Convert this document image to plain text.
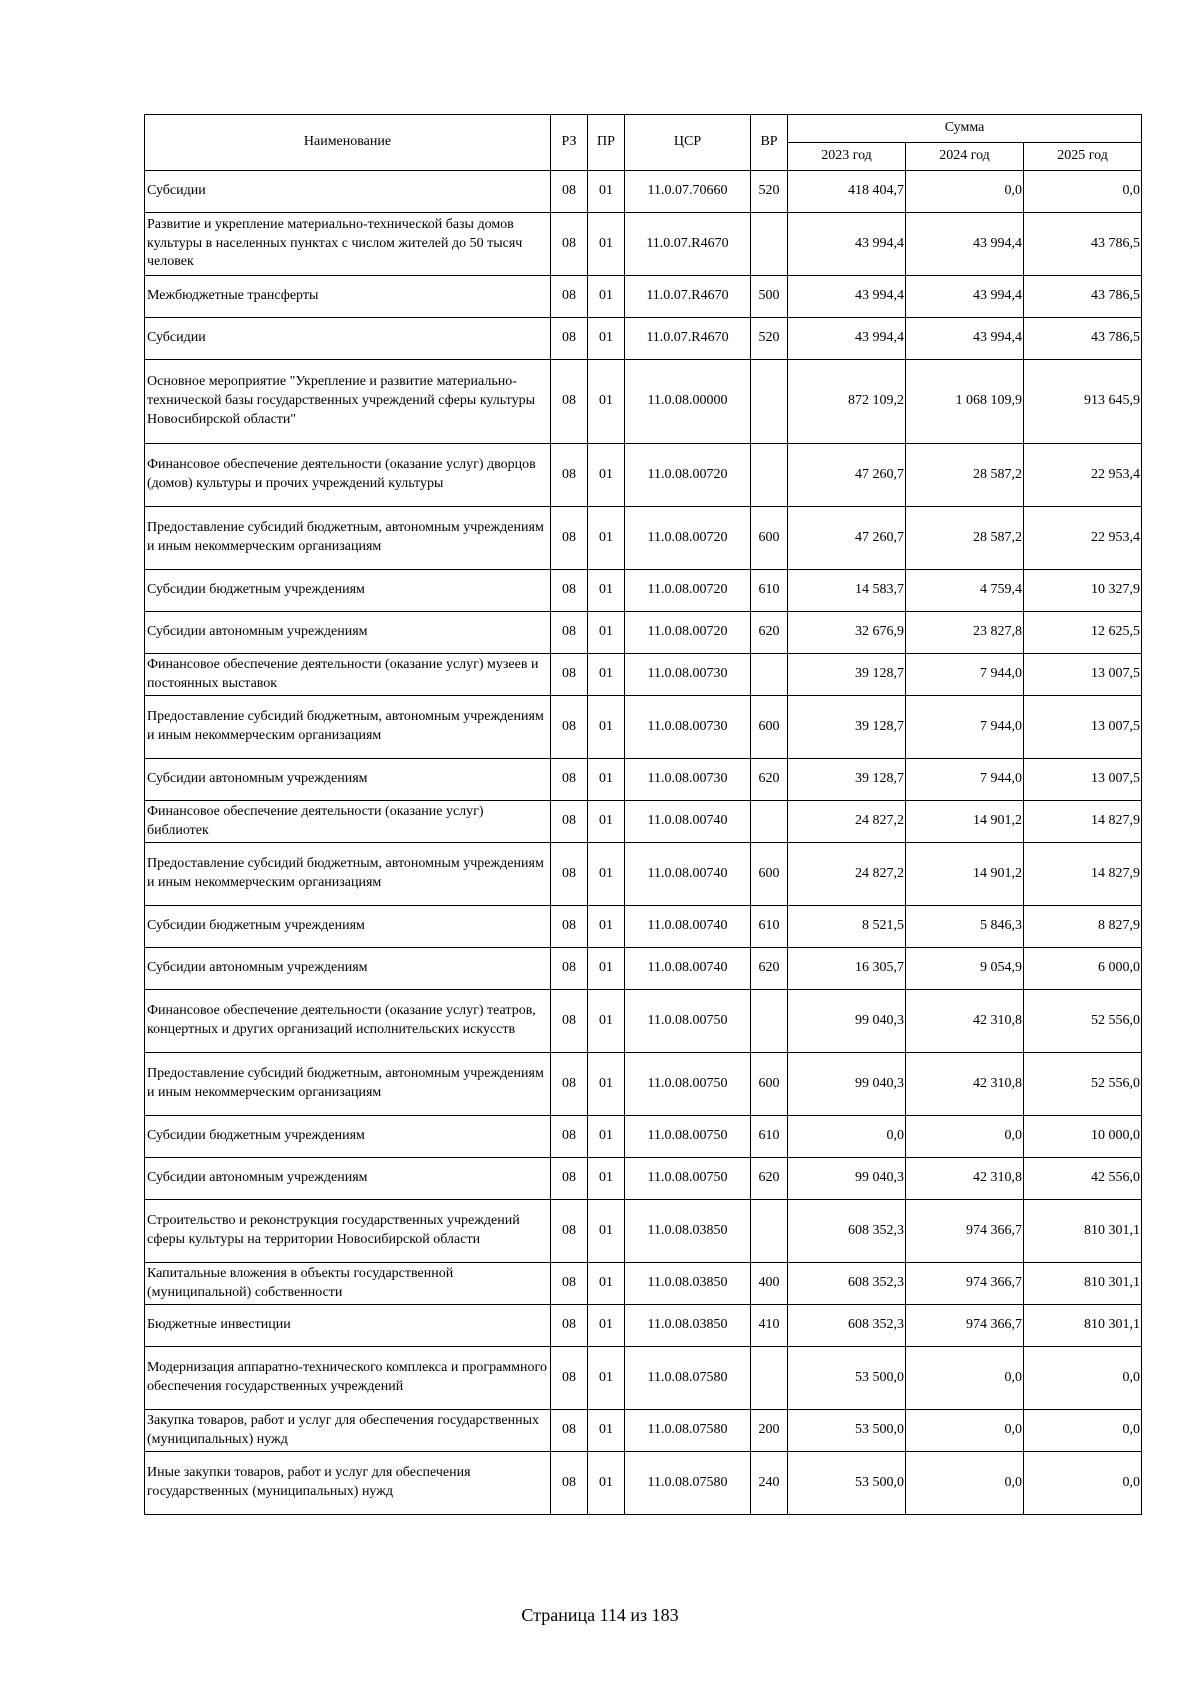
Наименование	РЗ	ПР	ЦСР	ВР	Сумма		
					2023 год	2024 год	2025 год
Субсидии	08	01	11.0.07.70660	520	418 404,7	0,0	0,0
Развитие и укрепление материально-технической базы домов культуры в населенных пунктах с числом жителей до 50 тысяч человек	08	01	11.0.07.R4670		43 994,4	43 994,4	43 786,5
Межбюджетные трансферты	08	01	11.0.07.R4670	500	43 994,4	43 994,4	43 786,5
Субсидии	08	01	11.0.07.R4670	520	43 994,4	43 994,4	43 786,5
Основное мероприятие "Укрепление и развитие материально-технической базы государственных учреждений сферы культуры Новосибирской области"	08	01	11.0.08.00000		872 109,2	1 068 109,9	913 645,9
Финансовое обеспечение деятельности (оказание услуг) дворцов (домов) культуры и прочих учреждений культуры	08	01	11.0.08.00720		47 260,7	28 587,2	22 953,4
Предоставление субсидий бюджетным, автономным учреждениям и иным некоммерческим организациям	08	01	11.0.08.00720	600	47 260,7	28 587,2	22 953,4
Субсидии бюджетным учреждениям	08	01	11.0.08.00720	610	14 583,7	4 759,4	10 327,9
Субсидии автономным учреждениям	08	01	11.0.08.00720	620	32 676,9	23 827,8	12 625,5
Финансовое обеспечение деятельности (оказание услуг) музеев и постоянных выставок	08	01	11.0.08.00730		39 128,7	7 944,0	13 007,5
Предоставление субсидий бюджетным, автономным учреждениям и иным некоммерческим организациям	08	01	11.0.08.00730	600	39 128,7	7 944,0	13 007,5
Субсидии автономным учреждениям	08	01	11.0.08.00730	620	39 128,7	7 944,0	13 007,5
Финансовое обеспечение деятельности (оказание услуг) библиотек	08	01	11.0.08.00740		24 827,2	14 901,2	14 827,9
Предоставление субсидий бюджетным, автономным учреждениям и иным некоммерческим организациям	08	01	11.0.08.00740	600	24 827,2	14 901,2	14 827,9
Субсидии бюджетным учреждениям	08	01	11.0.08.00740	610	8 521,5	5 846,3	8 827,9
Субсидии автономным учреждениям	08	01	11.0.08.00740	620	16 305,7	9 054,9	6 000,0
Финансовое обеспечение деятельности (оказание услуг) театров, концертных и других организаций исполнительских искусств	08	01	11.0.08.00750		99 040,3	42 310,8	52 556,0
Предоставление субсидий бюджетным, автономным учреждениям и иным некоммерческим организациям	08	01	11.0.08.00750	600	99 040,3	42 310,8	52 556,0
Субсидии бюджетным учреждениям	08	01	11.0.08.00750	610	0,0	0,0	10 000,0
Субсидии автономным учреждениям	08	01	11.0.08.00750	620	99 040,3	42 310,8	42 556,0
Строительство и реконструкция государственных учреждений сферы культуры на территории Новосибирской области	08	01	11.0.08.03850		608 352,3	974 366,7	810 301,1
Капитальные вложения в объекты государственной (муниципальной) собственности	08	01	11.0.08.03850	400	608 352,3	974 366,7	810 301,1
Бюджетные инвестиции	08	01	11.0.08.03850	410	608 352,3	974 366,7	810 301,1
Модернизация аппаратно-технического комплекса и программного обеспечения государственных учреждений	08	01	11.0.08.07580		53 500,0	0,0	0,0
Закупка товаров, работ и услуг для обеспечения государственных (муниципальных) нужд	08	01	11.0.08.07580	200	53 500,0	0,0	0,0
Иные закупки товаров, работ и услуг для обеспечения государственных (муниципальных) нужд	08	01	11.0.08.07580	240	53 500,0	0,0	0,0
Страница 114 из 183
